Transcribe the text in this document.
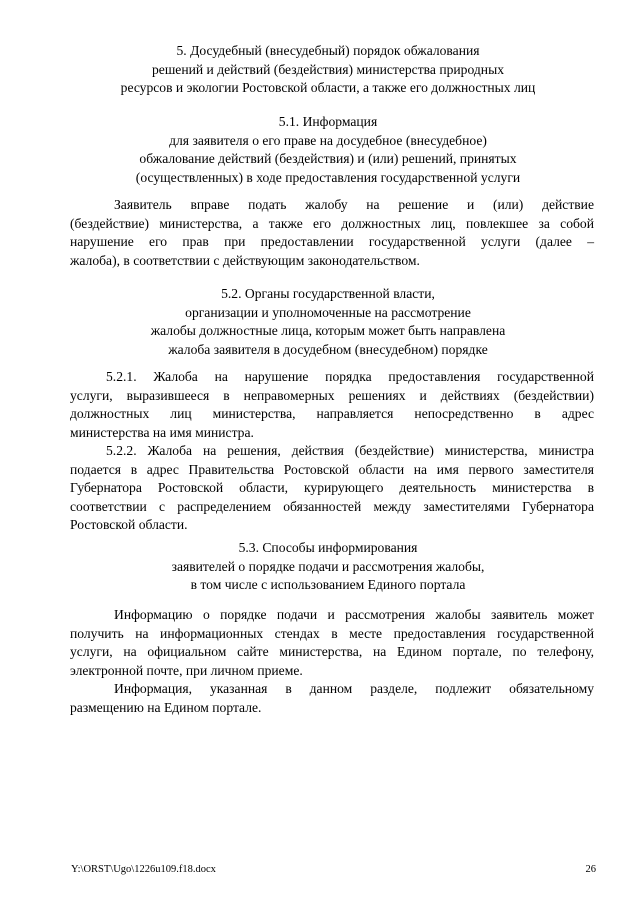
5. Досудебный (внесудебный) порядок обжалования
решений и действий (бездействия) министерства природных
ресурсов и экологии Ростовской области, а также его должностных лиц
5.1. Информация
для заявителя о его праве на досудебное (внесудебное)
обжалование действий (бездействия) и (или) решений, принятых
(осуществленных) в ходе предоставления государственной услуги
Заявитель вправе подать жалобу на решение и (или) действие
(бездействие) министерства, а также его должностных лиц, повлекшее за собой
нарушение его прав при предоставлении государственной услуги (далее –
жалоба), в соответствии с действующим законодательством.
5.2. Органы государственной власти,
организации и уполномоченные на рассмотрение
жалобы должностные лица, которым может быть направлена
жалоба заявителя в досудебном (внесудебном) порядке
5.2.1. Жалоба на нарушение порядка предоставления государственной
услуги, выразившееся в неправомерных решениях и действиях (бездействии)
должностных лиц министерства, направляется непосредственно в адрес
министерства на имя министра.
5.2.2. Жалоба на решения, действия (бездействие) министерства, министра
подается в адрес Правительства Ростовской области на имя первого заместителя
Губернатора Ростовской области, курирующего деятельность министерства в
соответствии с распределением обязанностей между заместителями Губернатора
Ростовской области.
5.3. Способы информирования
заявителей о порядке подачи и рассмотрения жалобы,
в том числе с использованием Единого портала
Информацию о порядке подачи и рассмотрения жалобы заявитель может
получить на информационных стендах в месте предоставления государственной
услуги, на официальном сайте министерства, на Едином портале, по телефону,
электронной почте, при личном приеме.
Информация, указанная в данном разделе, подлежит обязательному
размещению на Едином портале.
Y:\ORST\Ugo\1226u109.f18.docx	26
